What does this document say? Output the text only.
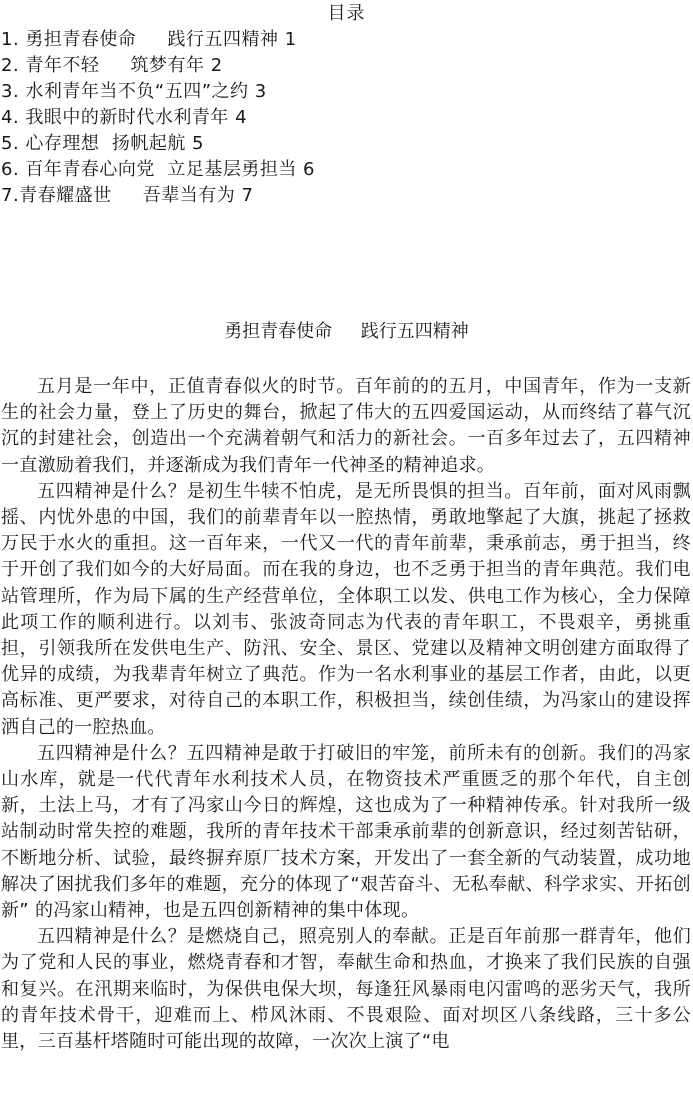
目录
1. 勇担青春使命     践行五四精神 1
2. 青年不轻     筑梦有年 2
3. 水利青年当不负“五四”之约 3
4. 我眼中的新时代水利青年 4
5. 心存理想  扬帆起航 5
6. 百年青春心向党  立足基层勇担当 6
7.青春耀盛世     吾辈当有为 7
勇担青春使命     践行五四精神

五月是一年中，正值青春似火的时节。百年前的的五月，中国青年，作为一支新生的社会力量，登上了历史的舞台，掀起了伟大的五四爱国运动，从而终结了暮气沉沉的封建社会，创造出一个充满着朝气和活力的新社会。一百多年过去了，五四精神一直激励着我们，并逐渐成为我们青年一代神圣的精神追求。

五四精神是什么？是初生牛犊不怕虎，是无所畏惧的担当。百年前，面对风雨飘摇、内忧外患的中国，我们的前辈青年以一腔热情，勇敢地擎起了大旗，挑起了拯救万民于水火的重担。这一百年来，一代又一代的青年前辈，秉承前志，勇于担当，终于开创了我们如今的大好局面。而在我的身边，也不乏勇于担当的青年典范。我们电站管理所，作为局下属的生产经营单位，全体职工以发、供电工作为核心，全力保障此项工作的顺利进行。以刘韦、张波奇同志为代表的青年职工，不畏艰辛，勇挑重担，引领我所在发供电生产、防汛、安全、景区、党建以及精神文明创建方面取得了优异的成绩，为我辈青年树立了典范。作为一名水利事业的基层工作者，由此，以更高标准、更严要求，对待自己的本职工作，积极担当，续创佳绩，为冯家山的建设挥洒自己的一腔热血。

五四精神是什么？五四精神是敢于打破旧的牢笼，前所未有的创新。我们的冯家山水库，就是一代代青年水利技术人员，在物资技术严重匮乏的那个年代，自主创新，土法上马，才有了冯家山今日的辉煌，这也成为了一种精神传承。针对我所一级站制动时常失控的难题，我所的青年技术干部秉承前辈的创新意识，经过刻苦钻研，不断地分析、试验，最终摒弃原厂技术方案，开发出了一套全新的气动装置，成功地解决了困扰我们多年的难题，充分的体现了“艰苦奋斗、无私奉献、科学求实、开拓创新” 的冯家山精神，也是五四创新精神的集中体现。

五四精神是什么？是燃烧自己，照亮别人的奉献。正是百年前那一群青年，他们为了党和人民的事业，燃烧青春和才智，奉献生命和热血，才换来了我们民族的自强和复兴。在汛期来临时，为保供电保大坝，每逢狂风暴雨电闪雷鸣的恶劣天气，我所的青年技术骨干，迎难而上、栉风沐雨、不畏艰险、面对坝区八条线路，三十多公里，三百基杆塔随时可能出现的故障，一次次上演了“电
